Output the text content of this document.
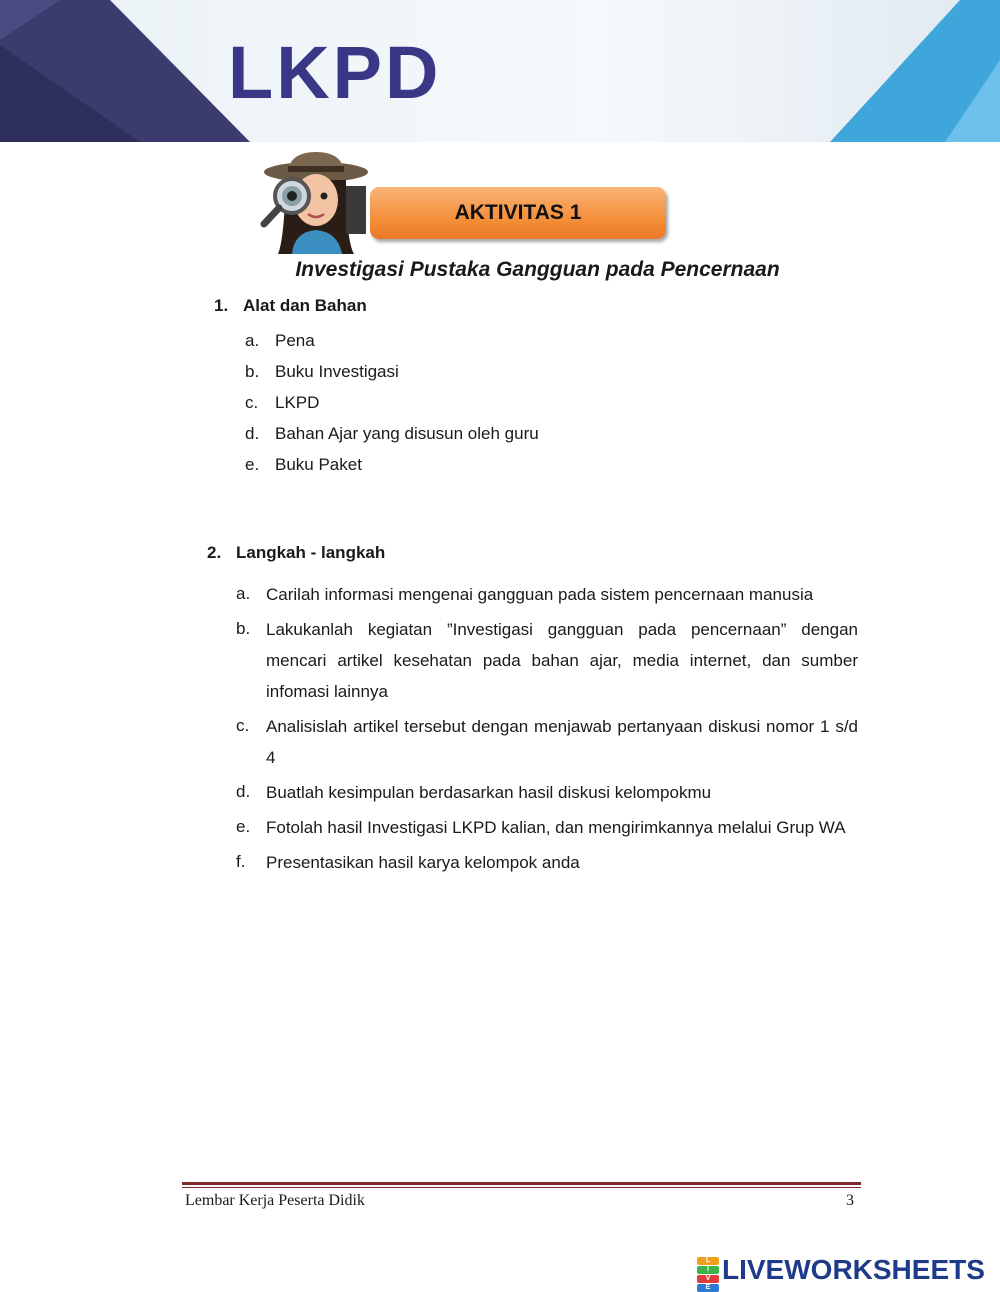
LKPD
AKTIVITAS 1
Investigasi Pustaka Gangguan pada Pencernaan
1. Alat dan Bahan
a. Pena
b. Buku Investigasi
c. LKPD
d. Bahan Ajar yang disusun oleh guru
e. Buku Paket
2. Langkah - langkah
a. Carilah informasi mengenai gangguan pada sistem pencernaan manusia
b. Lakukanlah kegiatan ”Investigasi gangguan pada pencernaan” dengan mencari artikel kesehatan pada bahan ajar, media internet, dan sumber infomasi lainnya
c. Analisislah artikel tersebut dengan menjawab pertanyaan diskusi nomor 1 s/d 4
d. Buatlah kesimpulan berdasarkan hasil diskusi kelompokmu
e. Fotolah hasil Investigasi LKPD kalian, dan mengirimkannya melalui Grup WA
f.	Presentasikan hasil karya kelompok anda
Lembar Kerja Peserta Didik	3
L
I
V
E
LIVEWORKSHEETS
